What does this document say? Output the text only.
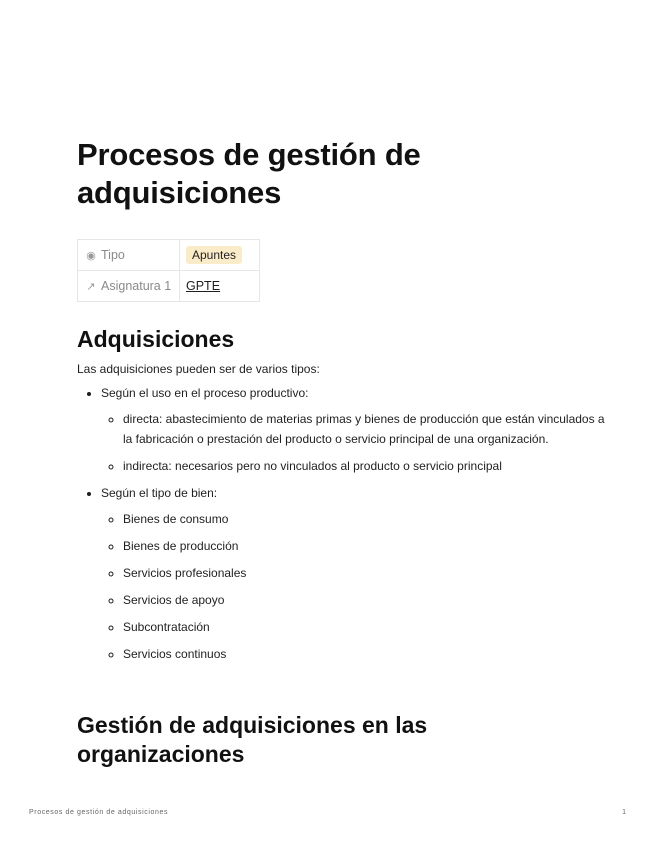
Procesos de gestión de adquisiciones
◉ Tipo	Apuntes
↗ Asignatura 1	GPTE
Adquisiciones

Las adquisiciones pueden ser de varios tipos:

• Según el uso en el proceso productivo:
◦ directa: abastecimiento de materias primas y bienes de producción que están vinculados a la fabricación o prestación del producto o servicio principal de una organización.
◦ indirecta: necesarios pero no vinculados al producto o servicio principal
• Según el tipo de bien:
◦ Bienes de consumo
◦ Bienes de producción
◦ Servicios profesionales
◦ Servicios de apoyo
◦ Subcontratación
◦ Servicios continuos
Gestión de adquisiciones en las organizaciones
Procesos de gestión de adquisiciones	1
